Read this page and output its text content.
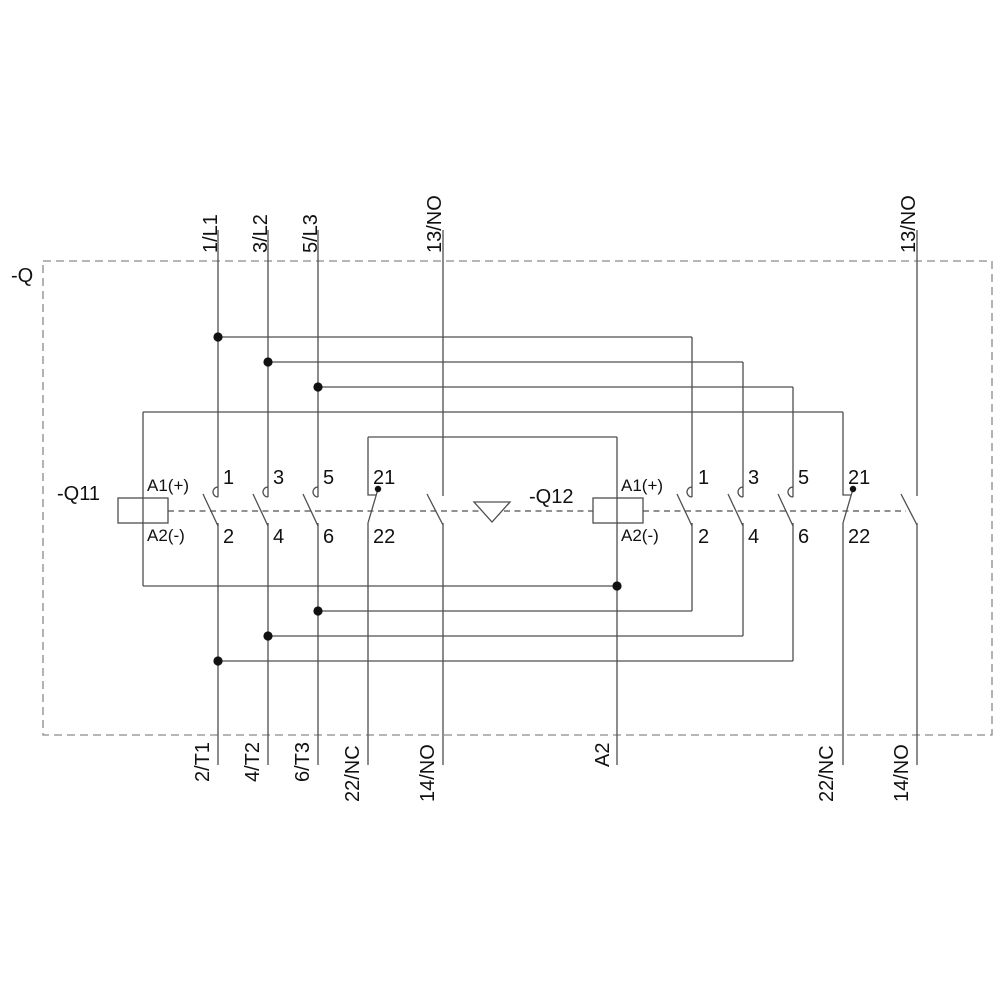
-Q
1/L1 3/L2 5/L3	13/NO	13/NO
2/T1 4/T2 6/T3 22/NC	14/NO	A2	22/NC	14/NO
-Q11	A1(+)
A2(-)
1 3 5 21
2 4 6 22
-Q12
A1(+)
A2(-)
1 3 5 21
2 4 6 22
